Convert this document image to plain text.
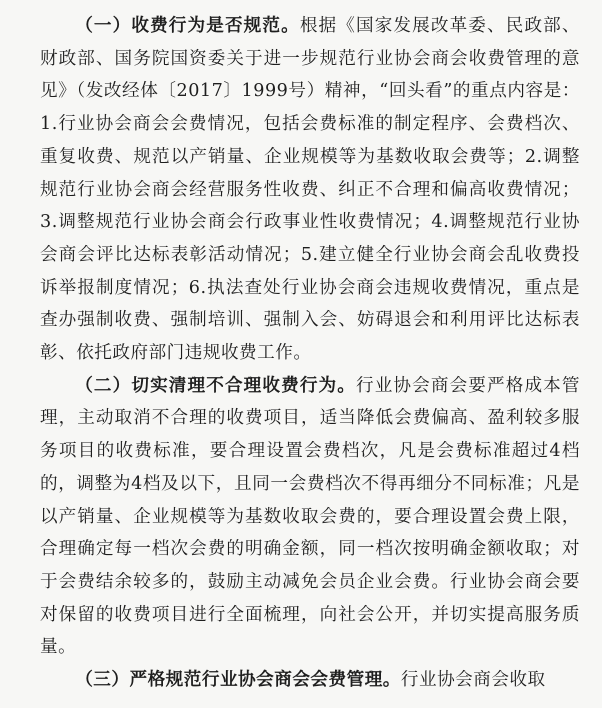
（一）收费行为是否规范。根据《国家发展改革委、民政部、财政部、国务院国资委关于进一步规范行业协会商会收费管理的意见》（发改经体〔2017〕1999号）精神，“回头看”的重点内容是：1.行业协会商会会费情况，包括会费标准的制定程序、会费档次、重复收费、规范以产销量、企业规模等为基数收取会费等；2.调整规范行业协会商会经营服务性收费、纠正不合理和偏高收费情况；3.调整规范行业协会商会行政事业性收费情况；4.调整规范行业协会商会评比达标表彰活动情况；5.建立健全行业协会商会乱收费投诉举报制度情况；6.执法查处行业协会商会违规收费情况，重点是查办强制收费、强制培训、强制入会、妨碍退会和利用评比达标表彰、依托政府部门违规收费工作。

（二）切实清理不合理收费行为。行业协会商会要严格成本管理，主动取消不合理的收费项目，适当降低会费偏高、盈利较多服务项目的收费标准，要合理设置会费档次，凡是会费标准超过4档的，调整为4档及以下，且同一会费档次不得再细分不同标准；凡是以产销量、企业规模等为基数收取会费的，要合理设置会费上限，合理确定每一档次会费的明确金额，同一档次按明确金额收取；对于会费结余较多的，鼓励主动减免会员企业会费。行业协会商会要对保留的收费项目进行全面梳理，向社会公开，并切实提高服务质量。

（三）严格规范行业协会商会会费管理。行业协会商会收取
